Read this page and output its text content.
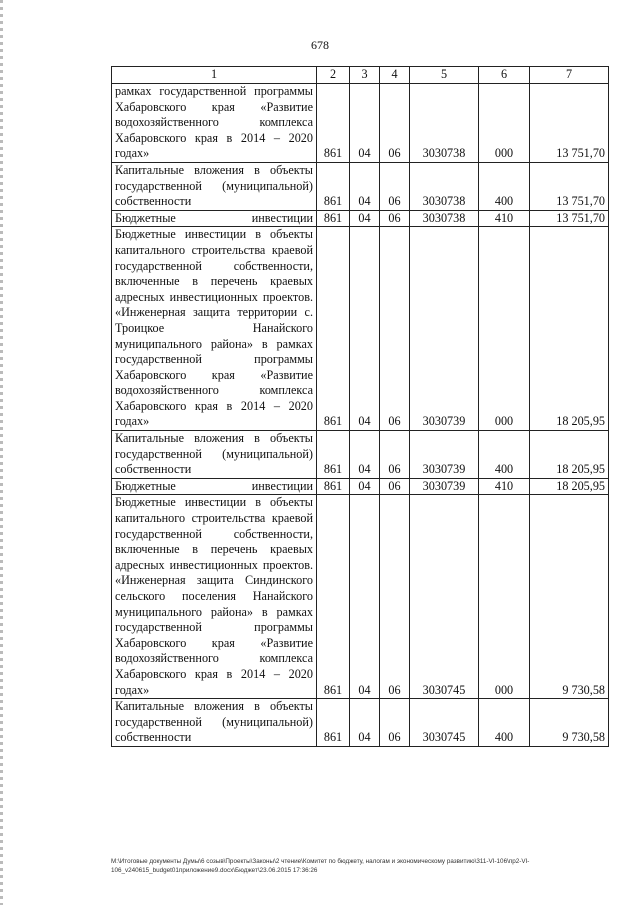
678
1	2	3	4	5	6	7
рамках государственной программы Хабаровского края «Развитие водохозяйственного комплекса Хабаровского края в 2014 – 2020 годах»	861	04	06	3030738	000	13 751,70
Капитальные вложения в объекты государственной (муниципальной) собственности	861	04	06	3030738	400	13 751,70
Бюджетные инвестиции	861	04	06	3030738	410	13 751,70
Бюджетные инвестиции в объекты капитального строительства краевой государственной собственности, включенные в перечень краевых адресных инвестиционных проектов. «Инженерная защита территории с. Троицкое Нанайского муниципального района» в рамках государственной программы Хабаровского края «Развитие водохозяйственного комплекса Хабаровского края в 2014 – 2020 годах»	861	04	06	3030739	000	18 205,95
Капитальные вложения в объекты государственной (муниципальной) собственности	861	04	06	3030739	400	18 205,95
Бюджетные инвестиции	861	04	06	3030739	410	18 205,95
Бюджетные инвестиции в объекты капитального строительства краевой государственной собственности, включенные в перечень краевых адресных инвестиционных проектов. «Инженерная защита Синдинского сельского поселения Нанайского муниципального района» в рамках государственной программы Хабаровского края «Развитие водохозяйственного комплекса Хабаровского края в 2014 – 2020 годах»	861	04	06	3030745	000	9 730,58
Капитальные вложения в объекты государственной (муниципальной) собственности	861	04	06	3030745	400	9 730,58
М:\Итоговые документы Думы\6 созыв\Проекты\Законы\2 чтение\Комитет по бюджету, налогам и экономическому развитию\311-VI-106\пр2-VI-
106_v240615_budget01приложение9.docx\Бюджет\23.06.2015 17:36:26
